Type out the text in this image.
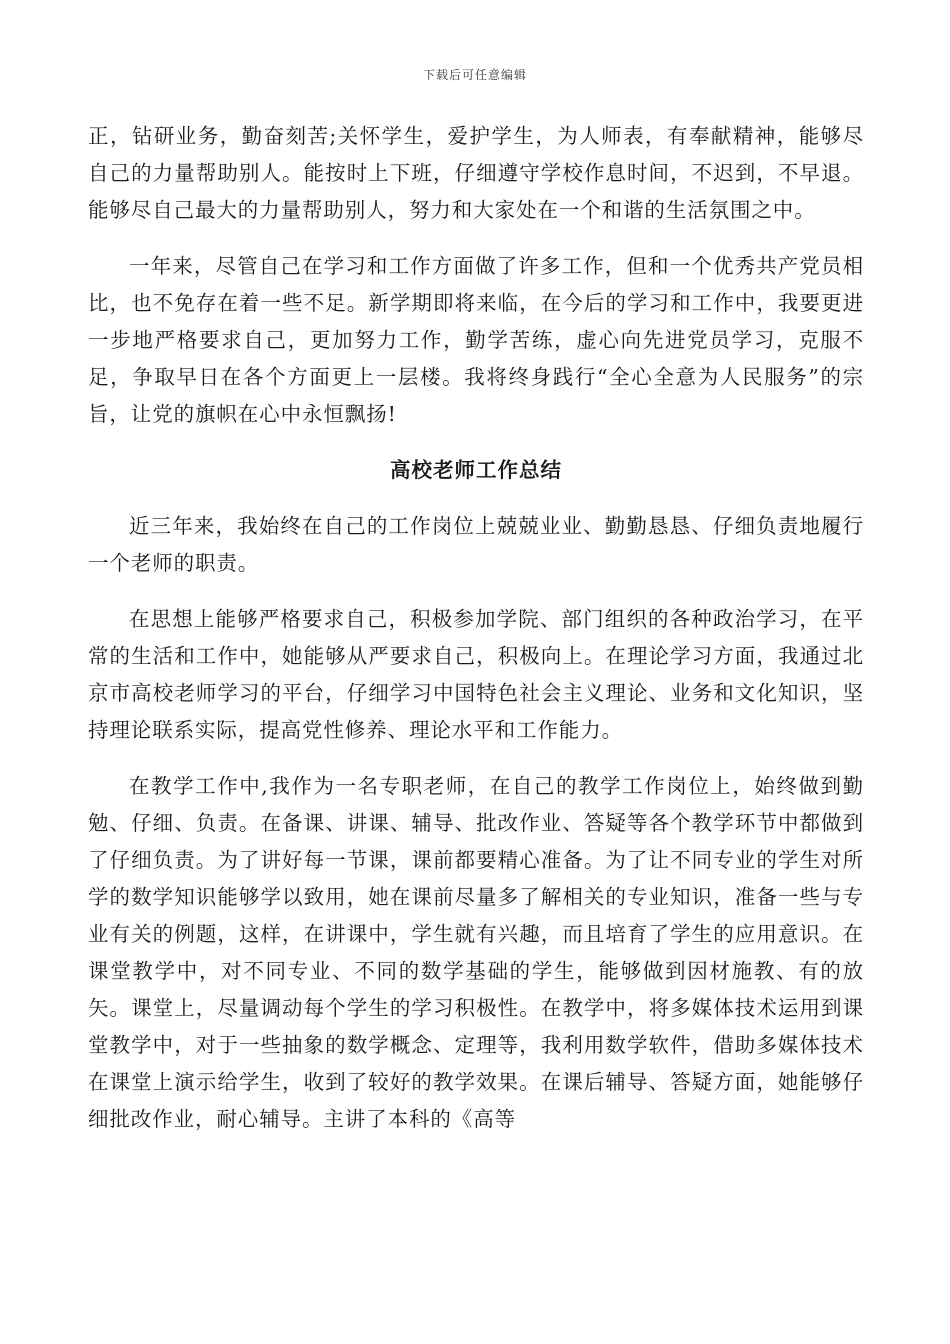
下载后可任意编辑

正，钻研业务，勤奋刻苦;关怀学生，爱护学生，为人师表，有奉献精神，能够尽自己的力量帮助别人。能按时上下班，仔细遵守学校作息时间，不迟到，不早退。能够尽自己最大的力量帮助别人，努力和大家处在一个和谐的生活氛围之中。

一年来，尽管自己在学习和工作方面做了许多工作，但和一个优秀共产党员相比，也不免存在着一些不足。新学期即将来临，在今后的学习和工作中，我要更进一步地严格要求自己，更加努力工作，勤学苦练，虚心向先进党员学习，克服不足，争取早日在各个方面更上一层楼。我将终身践行“全心全意为人民服务”的宗旨，让党的旗帜在心中永恒飘扬!

高校老师工作总结

近三年来，我始终在自己的工作岗位上兢兢业业、勤勤恳恳、仔细负责地履行一个老师的职责。

在思想上能够严格要求自己，积极参加学院、部门组织的各种政治学习，在平常的生活和工作中，她能够从严要求自己，积极向上。在理论学习方面，我通过北京市高校老师学习的平台，仔细学习中国特色社会主义理论、业务和文化知识，坚持理论联系实际，提高党性修养、理论水平和工作能力。

在教学工作中,我作为一名专职老师，在自己的教学工作岗位上，始终做到勤勉、仔细、负责。在备课、讲课、辅导、批改作业、答疑等各个教学环节中都做到了仔细负责。为了讲好每一节课，课前都要精心准备。为了让不同专业的学生对所学的数学知识能够学以致用，她在课前尽量多了解相关的专业知识，准备一些与专业有关的例题，这样，在讲课中，学生就有兴趣，而且培育了学生的应用意识。在课堂教学中，对不同专业、不同的数学基础的学生，能够做到因材施教、有的放矢。课堂上，尽量调动每个学生的学习积极性。在教学中，将多媒体技术运用到课堂教学中，对于一些抽象的数学概念、定理等，我利用数学软件，借助多媒体技术在课堂上演示给学生，收到了较好的教学效果。在课后辅导、答疑方面，她能够仔细批改作业，耐心辅导。主讲了本科的《高等
